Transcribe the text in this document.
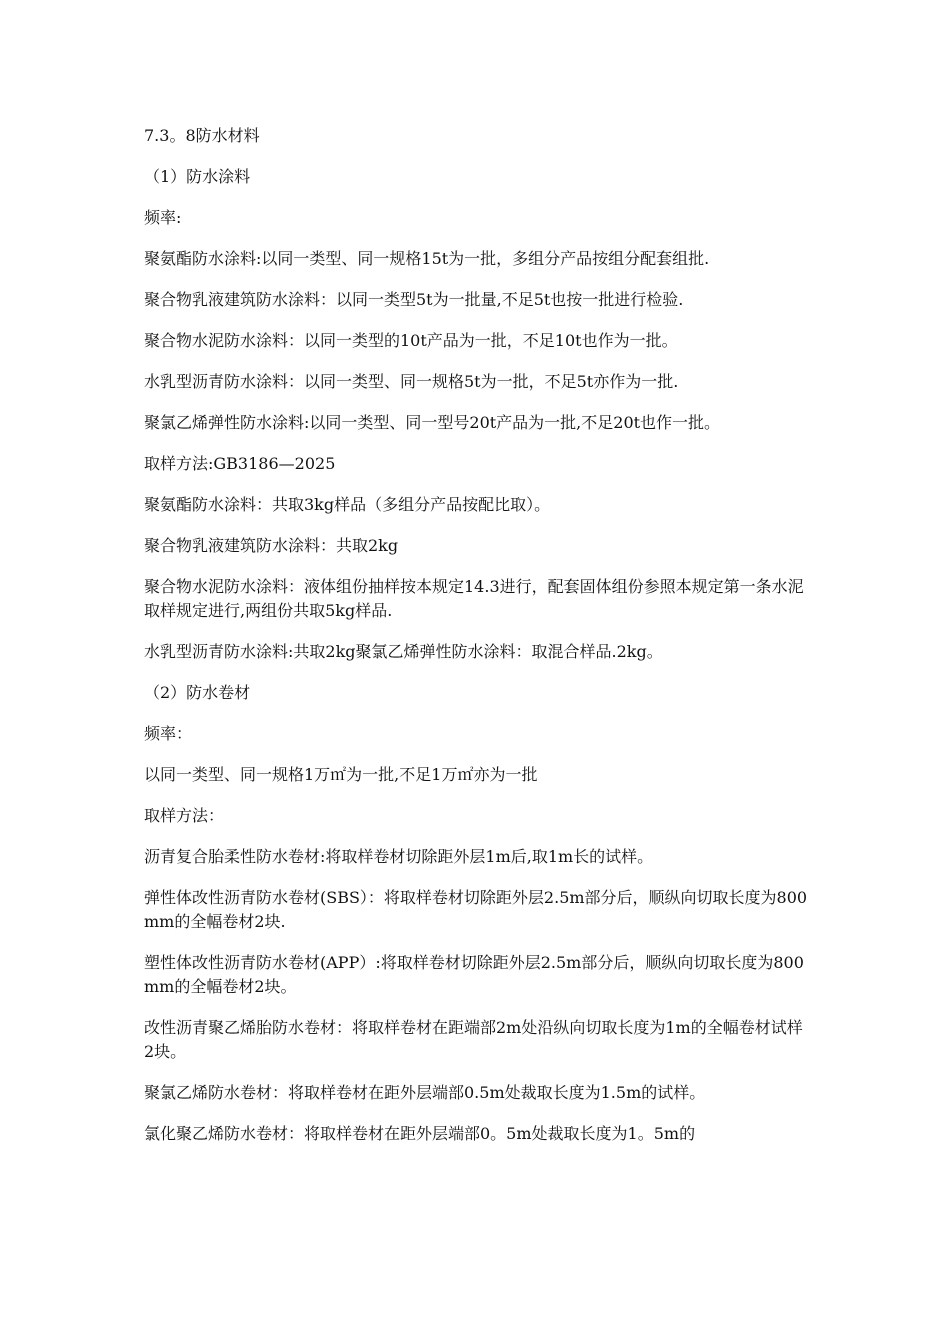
7.3。8防水材料

（1）防水涂料

频率:

聚氨酯防水涂料:以同一类型、同一规格15t为一批，多组分产品按组分配套组批.

聚合物乳液建筑防水涂料：以同一类型5t为一批量,不足5t也按一批进行检验.

聚合物水泥防水涂料：以同一类型的10t产品为一批，不足10t也作为一批。

水乳型沥青防水涂料：以同一类型、同一规格5t为一批，不足5t亦作为一批.

聚氯乙烯弹性防水涂料:以同一类型、同一型号20t产品为一批,不足20t也作一批。

取样方法:GB3186—2025

聚氨酯防水涂料：共取3kg样品（多组分产品按配比取）。

聚合物乳液建筑防水涂料：共取2kg

聚合物水泥防水涂料：液体组份抽样按本规定14.3进行，配套固体组份参照本规定第一条水泥取样规定进行,两组份共取5kg样品.

水乳型沥青防水涂料:共取2kg聚氯乙烯弹性防水涂料：取混合样品.2kg。

（2）防水卷材

频率：

以同一类型、同一规格1万㎡为一批,不足1万㎡亦为一批

取样方法：

沥青复合胎柔性防水卷材:将取样卷材切除距外层1m后,取1m长的试样。

弹性体改性沥青防水卷材(SBS）：将取样卷材切除距外层2.5m部分后，顺纵向切取长度为800mm的全幅卷材2块.

塑性体改性沥青防水卷材(APP）:将取样卷材切除距外层2.5m部分后，顺纵向切取长度为800mm的全幅卷材2块。

改性沥青聚乙烯胎防水卷材：将取样卷材在距端部2m处沿纵向切取长度为1m的全幅卷材试样2块。

聚氯乙烯防水卷材：将取样卷材在距外层端部0.5m处裁取长度为1.5m的试样。

氯化聚乙烯防水卷材：将取样卷材在距外层端部0。5m处裁取长度为1。5m的
